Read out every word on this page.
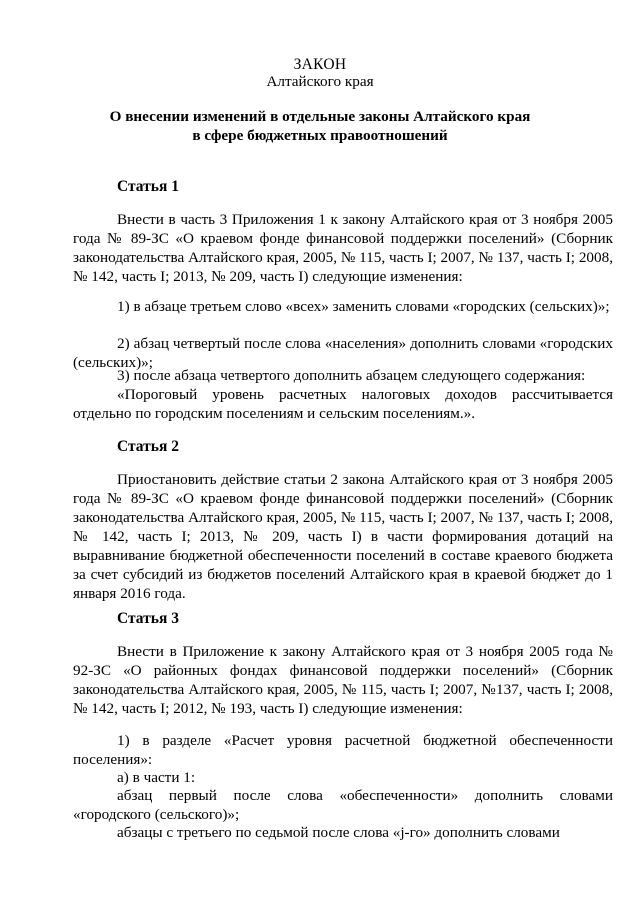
ЗАКОН
Алтайского края
О внесении изменений в отдельные законы Алтайского края
в сфере бюджетных правоотношений
Статья 1

Внести в часть 3 Приложения 1 к закону Алтайского края от 3 ноября 2005 года № 89-ЗС «О краевом фонде финансовой поддержки поселений» (Сборник законодательства Алтайского края, 2005, № 115, часть I; 2007, № 137, часть I; 2008, № 142, часть I; 2013, № 209, часть I) следующие изменения:

1) в абзаце третьем слово «всех» заменить словами «городских (сельских)»;

2) абзац четвертый после слова «населения» дополнить словами «городских (сельских)»;

3) после абзаца четвертого дополнить абзацем следующего содержания:

«Пороговый уровень расчетных налоговых доходов рассчитывается отдельно по городским поселениям и сельским поселениям.».

Статья 2

Приостановить действие статьи 2 закона Алтайского края от 3 ноября 2005 года № 89-ЗС «О краевом фонде финансовой поддержки поселений» (Сборник законодательства Алтайского края, 2005, № 115, часть I; 2007, № 137, часть I; 2008, № 142, часть I; 2013, № 209, часть I) в части формирования дотаций на выравнивание бюджетной обеспеченности поселений в составе краевого бюджета за счет субсидий из бюджетов поселений Алтайского края в краевой бюджет до 1 января 2016 года.

Статья 3

Внести в Приложение к закону Алтайского края от 3 ноября 2005 года № 92-ЗС «О районных фондах финансовой поддержки поселений» (Сборник законодательства Алтайского края, 2005, № 115, часть I; 2007, №137, часть I; 2008, № 142, часть I; 2012, № 193, часть I) следующие изменения:

1) в разделе «Расчет уровня расчетной бюджетной обеспеченности поселения»:

а) в части 1:

абзац первый после слова «обеспеченности» дополнить словами «городского (сельского)»;

абзацы с третьего по седьмой после слова «j-го» дополнить словами
